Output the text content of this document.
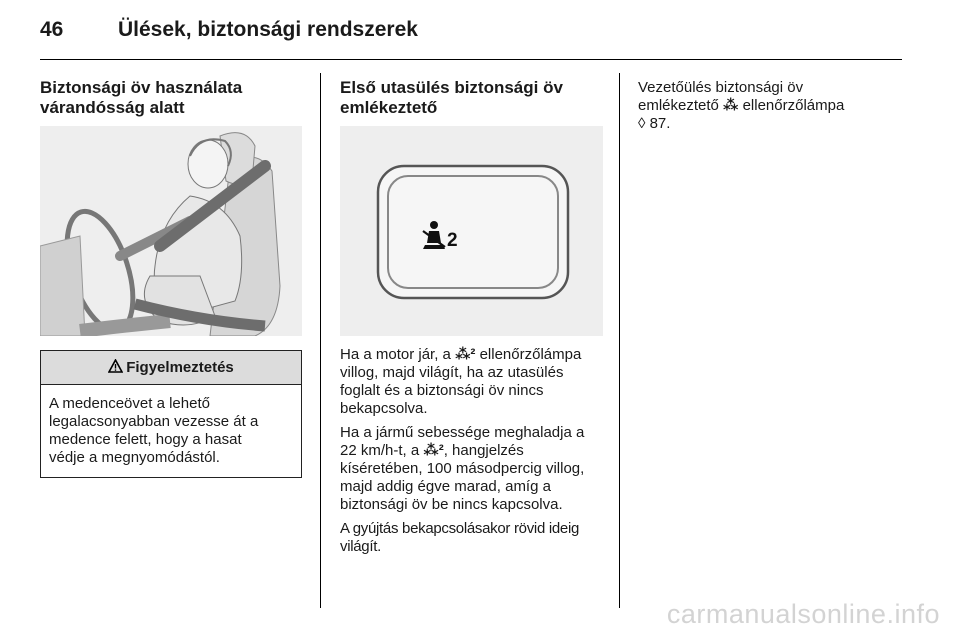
46	Ülések, biztonsági rendszerek
Biztonsági öv használata
várandósság alatt
Figyelmeztetés
A medenceövet a lehető
legalacsonyabban vezesse át a
medence felett, hogy a hasat
védje a megnyomódástól.
Első utasülés biztonsági öv
emlékeztető
2

Ha a motor jár, a ⁂² ellenőrzőlámpa
villog, majd világít, ha az utasülés
foglalt és a biztonsági öv nincs
bekapcsolva.

Ha a jármű sebessége meghaladja a
22 km/h-t, a ⁂², hangjelzés
kíséretében, 100 másodpercig villog,
majd addig égve marad, amíg a
biztonsági öv be nincs kapcsolva.

A gyújtás bekapcsolásakor rövid ideig
világít.

Vezetőülés biztonsági öv
emlékeztető ⁂ ellenőrzőlámpa
◊ 87.

carmanualsonline.info
